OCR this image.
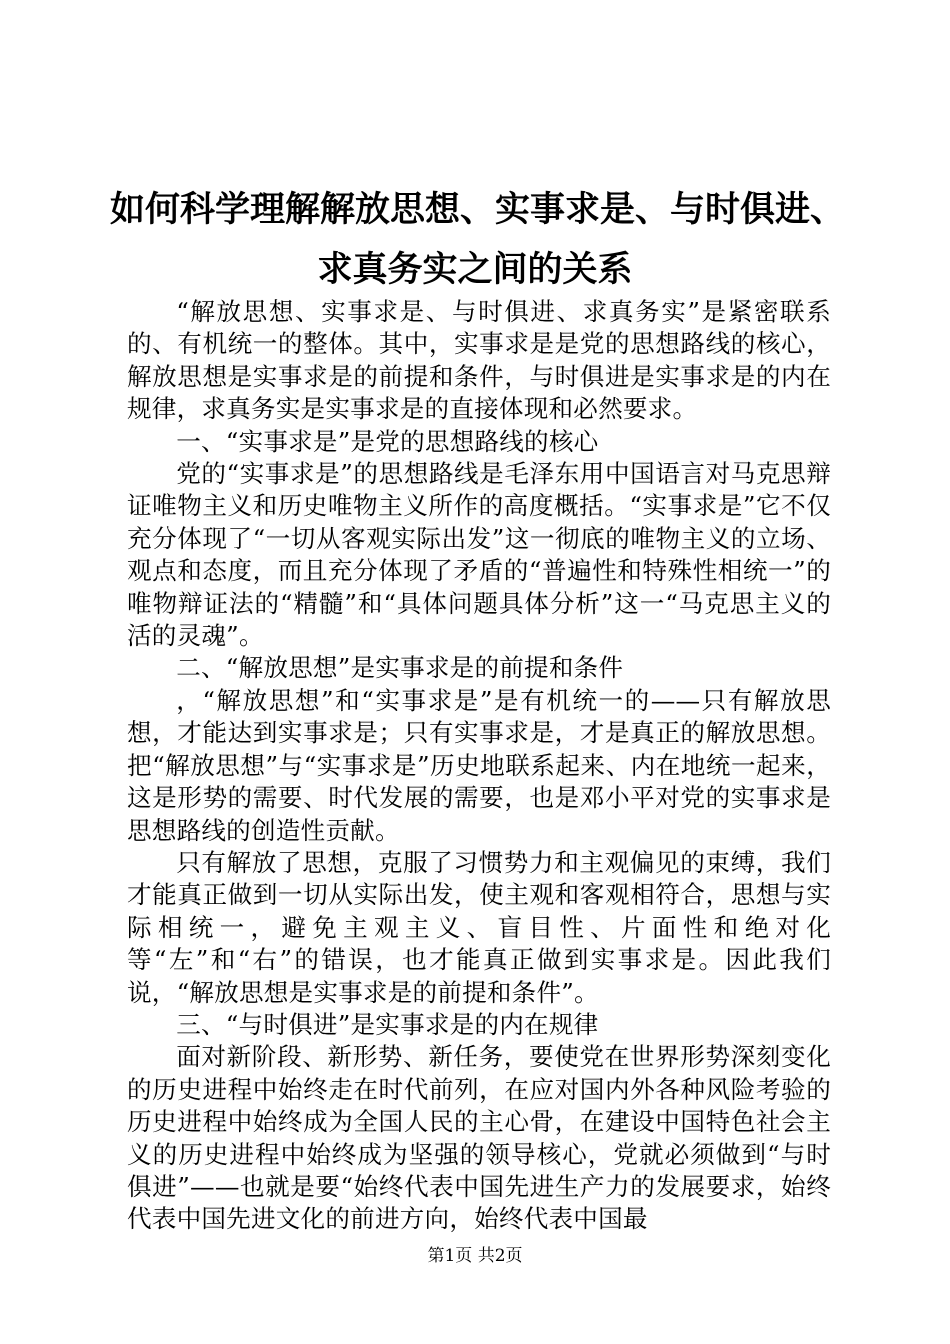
如何科学理解解放思想、实事求是、与时俱进、
求真务实之间的关系

“解放思想、实事求是、与时俱进、求真务实”是紧密联系的、有机统一的整体。其中，实事求是是党的思想路线的核心，解放思想是实事求是的前提和条件，与时俱进是实事求是的内在规律，求真务实是实事求是的直接体现和必然要求。

一、“实事求是”是党的思想路线的核心

党的“实事求是”的思想路线是毛泽东用中国语言对马克思辩证唯物主义和历史唯物主义所作的高度概括。“实事求是”它不仅充分体现了“一切从客观实际出发”这一彻底的唯物主义的立场、观点和态度，而且充分体现了矛盾的“普遍性和特殊性相统一”的唯物辩证法的“精髓”和“具体问题具体分析”这一“马克思主义的活的灵魂”。

二、“解放思想”是实事求是的前提和条件

，“解放思想”和“实事求是”是有机统一的——只有解放思想，才能达到实事求是；只有实事求是，才是真正的解放思想。把“解放思想”与“实事求是”历史地联系起来、内在地统一起来，这是形势的需要、时代发展的需要，也是邓小平对党的实事求是思想路线的创造性贡献。

只有解放了思想，克服了习惯势力和主观偏见的束缚，我们才能真正做到一切从实际出发，使主观和客观相符合，思想与实际相统一，避免主观主义、盲目性、片面性和绝对化等“左”和“右”的错误，也才能真正做到实事求是。因此我们说，“解放思想是实事求是的前提和条件”。

三、“与时俱进”是实事求是的内在规律

面对新阶段、新形势、新任务，要使党在世界形势深刻变化的历史进程中始终走在时代前列，在应对国内外各种风险考验的历史进程中始终成为全国人民的主心骨，在建设中国特色社会主义的历史进程中始终成为坚强的领导核心，党就必须做到“与时俱进”——也就是要“始终代表中国先进生产力的发展要求，始终代表中国先进文化的前进方向，始终代表中国最

第1页 共2页
